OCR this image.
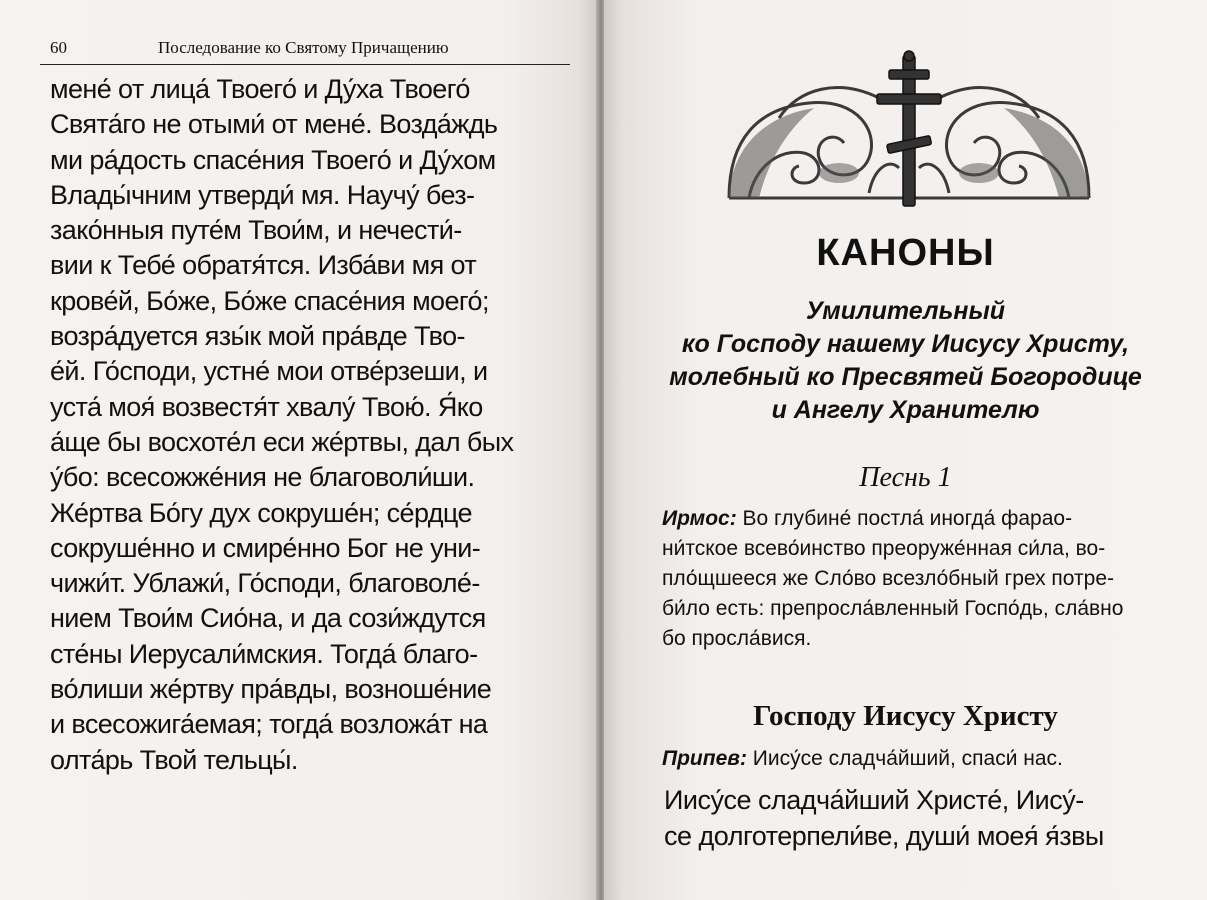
60	Последование ко Святому Причащению
мене́ от лица́ Твоего́ и Ду́ха Твоего́
Свята́го не отыми́ от мене́. Возда́ждь
ми ра́дость спасе́ния Твоего́ и Ду́хом
Влады́чним утверди́ мя. Научу́ без-
зако́нныя путе́м Твои́м, и нечести́-
вии к Тебе́ обратя́тся. Изба́ви мя от
крове́й, Бо́же, Бо́же спасе́ния моего́;
возра́дуется язы́к мой пра́вде Тво-
е́й. Го́споди, устне́ мои отве́рзеши, и
уста́ моя́ возвестя́т хвалу́ Твою́. Я́ко
а́ще бы восхоте́л еси же́ртвы, дал бых
у́бо: всесожже́ния не благоволи́ши.
Же́ртва Бо́гу дух сокруше́н; се́рдце
сокруше́нно и смире́нно Бог не уни-
чижи́т. Ублажи́, Го́споди, благоволе́-
нием Твои́м Сио́на, и да сози́ждутся
сте́ны Иерусали́мския. Тогда́ благо-
во́лиши же́ртву пра́вды, возноше́ние
и всесожига́емая; тогда́ возложа́т на
олта́рь Твой тельцы́.

КАНОНЫ
Умилительный
ко Господу нашему Иисусу Христу,
молебный ко Пресвятей Богородице
и Ангелу Хранителю
Песнь 1
Ирмос: Во глубине́ постла́ иногда́ фарао-
ни́тское всево́инство преоруже́нная си́ла, во-
пло́щшееся же Сло́во всезло́бный грех потре-
би́ло есть: препросла́вленный Госпо́дь, сла́вно
бо просла́вися.
Господу Иисусу Христу
Припев: Иису́се сладча́йший, спаси́ нас.
Иису́се сладча́йший Христе́, Иису́-
се долготерпели́ве, души́ моея́ я́звы
